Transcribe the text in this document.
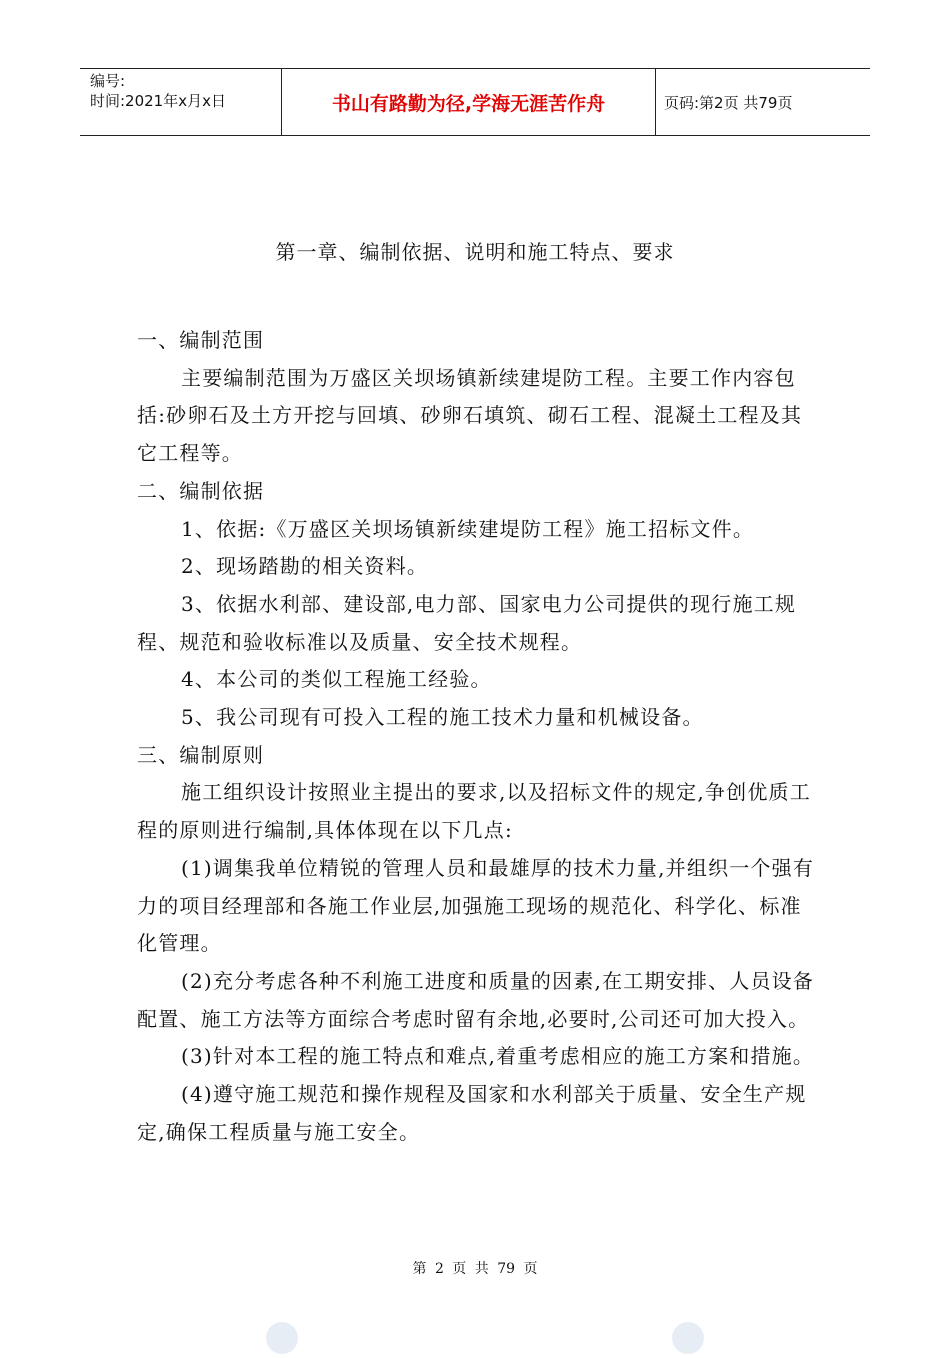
编号:
时间:2021年x月x日	书山有路勤为径,学海无涯苦作舟	页码:第2页 共79页
第一章、编制依据、说明和施工特点、要求

一、编制范围

主要编制范围为万盛区关坝场镇新续建堤防工程。主要工作内容包括:砂卵石及土方开挖与回填、砂卵石填筑、砌石工程、混凝土工程及其它工程等。

二、编制依据

1、依据:《万盛区关坝场镇新续建堤防工程》施工招标文件。

2、现场踏勘的相关资料。

3、依据水利部、建设部,电力部、国家电力公司提供的现行施工规程、规范和验收标准以及质量、安全技术规程。

4、本公司的类似工程施工经验。

5、我公司现有可投入工程的施工技术力量和机械设备。

三、编制原则

施工组织设计按照业主提出的要求,以及招标文件的规定,争创优质工程的原则进行编制,具体体现在以下几点:

(1)调集我单位精锐的管理人员和最雄厚的技术力量,并组织一个强有力的项目经理部和各施工作业层,加强施工现场的规范化、科学化、标准化管理。

(2)充分考虑各种不利施工进度和质量的因素,在工期安排、人员设备配置、施工方法等方面综合考虑时留有余地,必要时,公司还可加大投入。

(3)针对本工程的施工特点和难点,着重考虑相应的施工方案和措施。

(4)遵守施工规范和操作规程及国家和水利部关于质量、安全生产规定,确保工程质量与施工安全。

第 2 页 共 79 页
